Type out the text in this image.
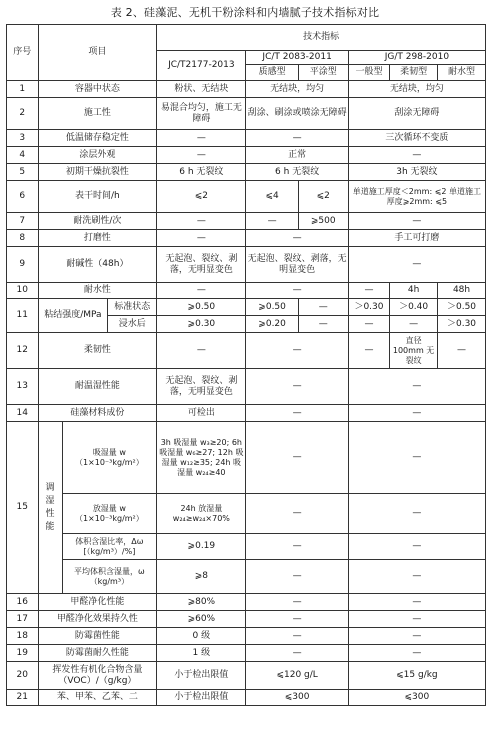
表 2、硅藻泥、无机干粉涂料和内墙腻子技术指标对比
序号	项目			技术指标					
				JC/T2177-2013	JC/T 2083-2011		JG/T 298-2010		
					质感型	平涂型	一般型	柔韧型	耐水型
1	容器中状态			粉状、无结块	无结块，均匀		无结块，均匀		
2	施工性			易混合均匀，施工无障碍	刮涂、刷涂或喷涂无障碍		刮涂无障碍		
3	低温储存稳定性			—	—		三次循环不变质		
4	涂层外观			—	正常		—		
5	初期干燥抗裂性			6 h 无裂纹	6 h 无裂纹		3h 无裂纹		
6	表干时间/h			⩽2	⩽4	⩽2	单道施工厚度＜2mm: ⩽2 单道施工厚度⩾2mm: ⩽5		
7	耐洗刷性/次			—	—	⩾500	—		
8	打磨性			—	—		手工可打磨		
9	耐碱性（48h）			无起泡、裂纹、剥落，无明显变色	无起泡、裂纹、剥落，无明显变色		—		
10	耐水性			—	—		—	4h	48h
11	粘结强度/MPa		标准状态	⩾0.50	⩾0.50	—	＞0.30	＞0.40	＞0.50
			浸水后	⩾0.30	⩾0.20	—	—	—	＞0.30
12	柔韧性			—	—		—	直径 100mm 无裂纹	—
13	耐温湿性能			无起泡、裂纹、剥落，无明显变色	—		—		
14	硅藻材料成份			可检出	—		—		
15	调湿性能	吸湿量 w
（1×10⁻³kg/m²）		3h 吸湿量 w₃≥20; 6h 吸湿量 w₆≥27; 12h 吸湿量 w₁₂≥35; 24h 吸湿量 w₂₄≥40	—		—		
		放湿量 w
（1×10⁻³kg/m²）		24h 放湿量 w₂₄≥w₂₄×70%	—		—		
		体积含湿比率，Δω [（kg/m³）/%]		⩾0.19	—		—		
		平均体积含湿量，ω（kg/m³）		⩾8	—		—		
16	甲醛净化性能			⩾80%	—		—		
17	甲醛净化效果持久性			⩾60%	—		—		
18	防霉菌性能			0 级	—		—		
19	防霉菌耐久性能			1 级	—		—		
20	挥发性有机化合物含量（VOC）/（g/kg）			小于检出限值	⩽120 g/L		⩽15 g/kg		
21	苯、甲苯、乙苯、二			小于检出限值	⩽300		⩽300		
